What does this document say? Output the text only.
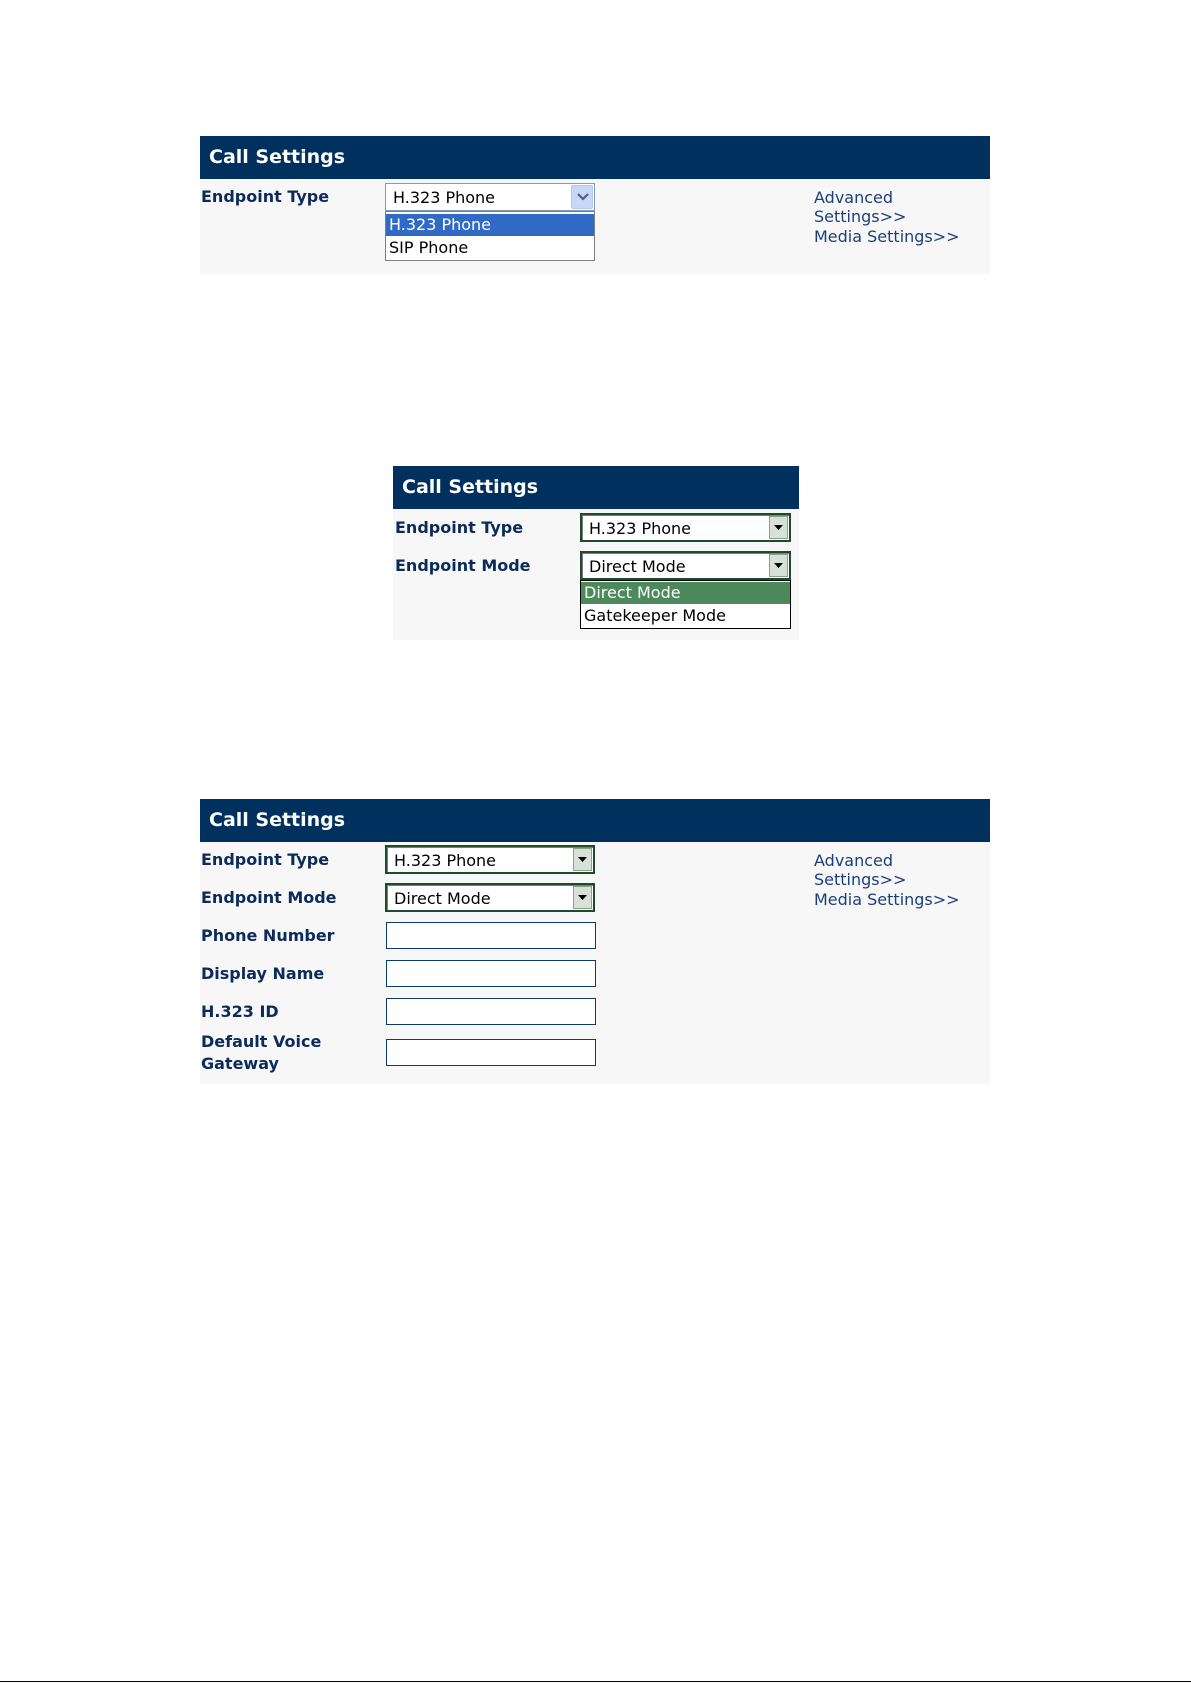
Call Settings
Endpoint Type	H.323 Phone
H.323 Phone
SIP Phone
Advanced Settings>>
Media Settings>>
Call Settings
Endpoint Type	H.323 Phone
Endpoint Mode	Direct Mode
Direct Mode
Gatekeeper Mode
Call Settings
Endpoint Type	H.323 Phone
Endpoint Mode	Direct Mode
Phone Number
Display Name
H.323 ID
Default Voice
Gateway
Advanced Settings>>
Media Settings>>
